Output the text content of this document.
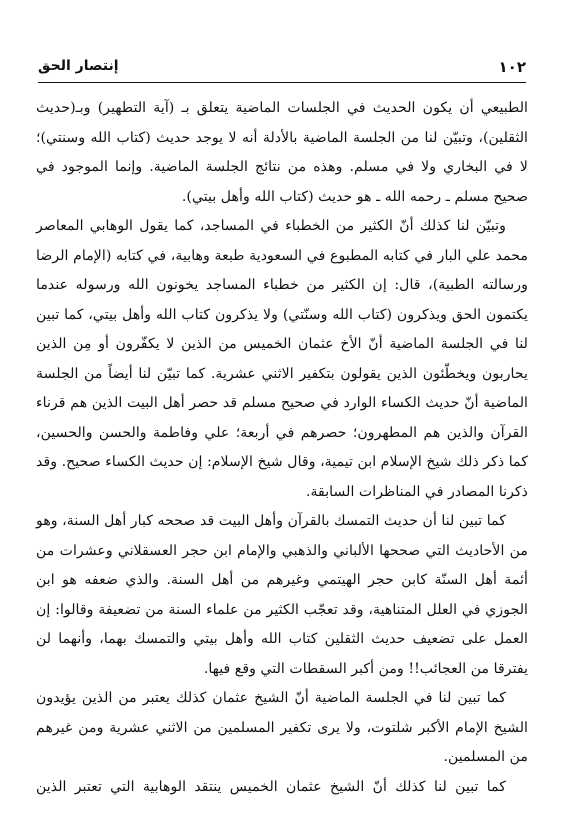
١٠٢
إنتصار الحق

الطبيعي أن يكون الحديث في الجلسات الماضية يتعلق بـ (آية التطهير) وبـ(حديث الثقلين)، وتبيّن لنا من الجلسة الماضية بالأدلة أنه لا يوجد حديث (كتاب الله وسنتي)؛ لا في البخاري ولا في مسلم. وهذه من نتائج الجلسة الماضية. وإنما الموجود في صحيح مسلم ـ رحمه الله ـ هو حديث (كتاب الله وأهل بيتي).

وتبيّن لنا كذلك أنّ الكثير من الخطباء في المساجد، كما يقول الوهابي المعاصر محمد علي البار في كتابه المطبوع في السعودية طبعة وهابية، في كتابه (الإمام الرضا ورسالته الطبية)، قال: إن الكثير من خطباء المساجد يخونون الله ورسوله عندما يكتمون الحق ويذكرون (كتاب الله وسنّتي) ولا يذكرون كتاب الله وأهل بيتي، كما تبين لنا في الجلسة الماضية أنّ الأخ عثمان الخميس من الذين لا يكفّرون أو مِن الذين يحاربون ويخطّئون الذين يقولون بتكفير الاثني عشرية. كما تبيّن لنا أيضاً من الجلسة الماضية أنّ حديث الكساء الوارد في صحيح مسلم قد حصر أهل البيت الذين هم قرناء القرآن والذين هم المطهرون؛ حصرهم في أربعة؛ علي وفاطمة والحسن والحسين، كما ذكر ذلك شيخ الإسلام ابن تيمية، وقال شيخ الإسلام: إن حديث الكساء صحيح. وقد ذكرنا المصادر في المناظرات السابقة.

كما تبين لنا أن حديث التمسك بالقرآن وأهل البيت قد صححه كبار أهل السنة، وهو من الأحاديث التي صححها الألباني والذهبي والإمام ابن حجر العسقلاني وعشرات من أئمة أهل السنّة كابن حجر الهيتمي وغيرهم من أهل السنة. والذي ضعفه هو ابن الجوزي في العلل المتناهية، وقد تعجّب الكثير من علماء السنة من تضعيفة وقالوا: إن العمل على تضعيف حديث الثقلين كتاب الله وأهل بيتي والتمسك بهما، وأنهما لن يفترقا من العجائب!! ومن أكبر السقطات التي وقع فيها.

كما تبين لنا في الجلسة الماضية أنّ الشيخ عثمان كذلك يعتبر من الذين يؤيدون الشيخ الإمام الأكبر شلتوت، ولا يرى تكفير المسلمين من الاثني عشرية ومن غيرهم من المسلمين.

كما تبين لنا كذلك أنّ الشيخ عثمان الخميس ينتقد الوهابية التي تعتبر الذين
